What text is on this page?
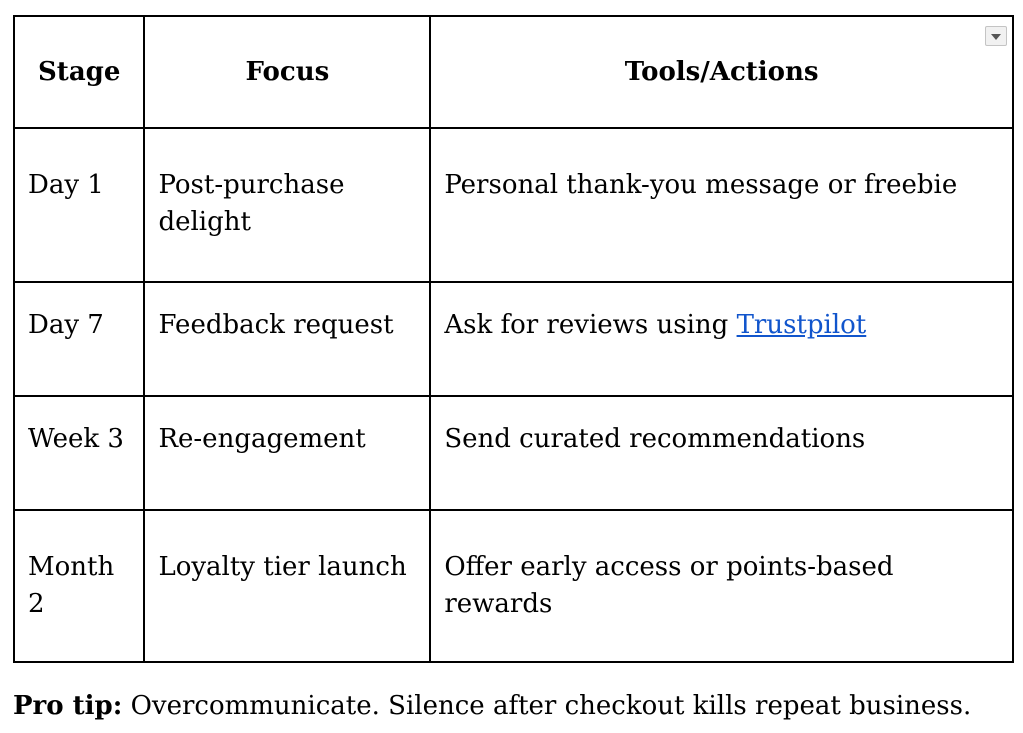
Stage	Focus	Tools/Actions
Day 1	Post-purchase delight	Personal thank-you message or freebie
Day 7	Feedback request	Ask for reviews using Trustpilot
Week 3	Re-engagement	Send curated recommendations
Month 2	Loyalty tier launch	Offer early access or points-based rewards

Pro tip: Overcommunicate. Silence after checkout kills repeat business.
